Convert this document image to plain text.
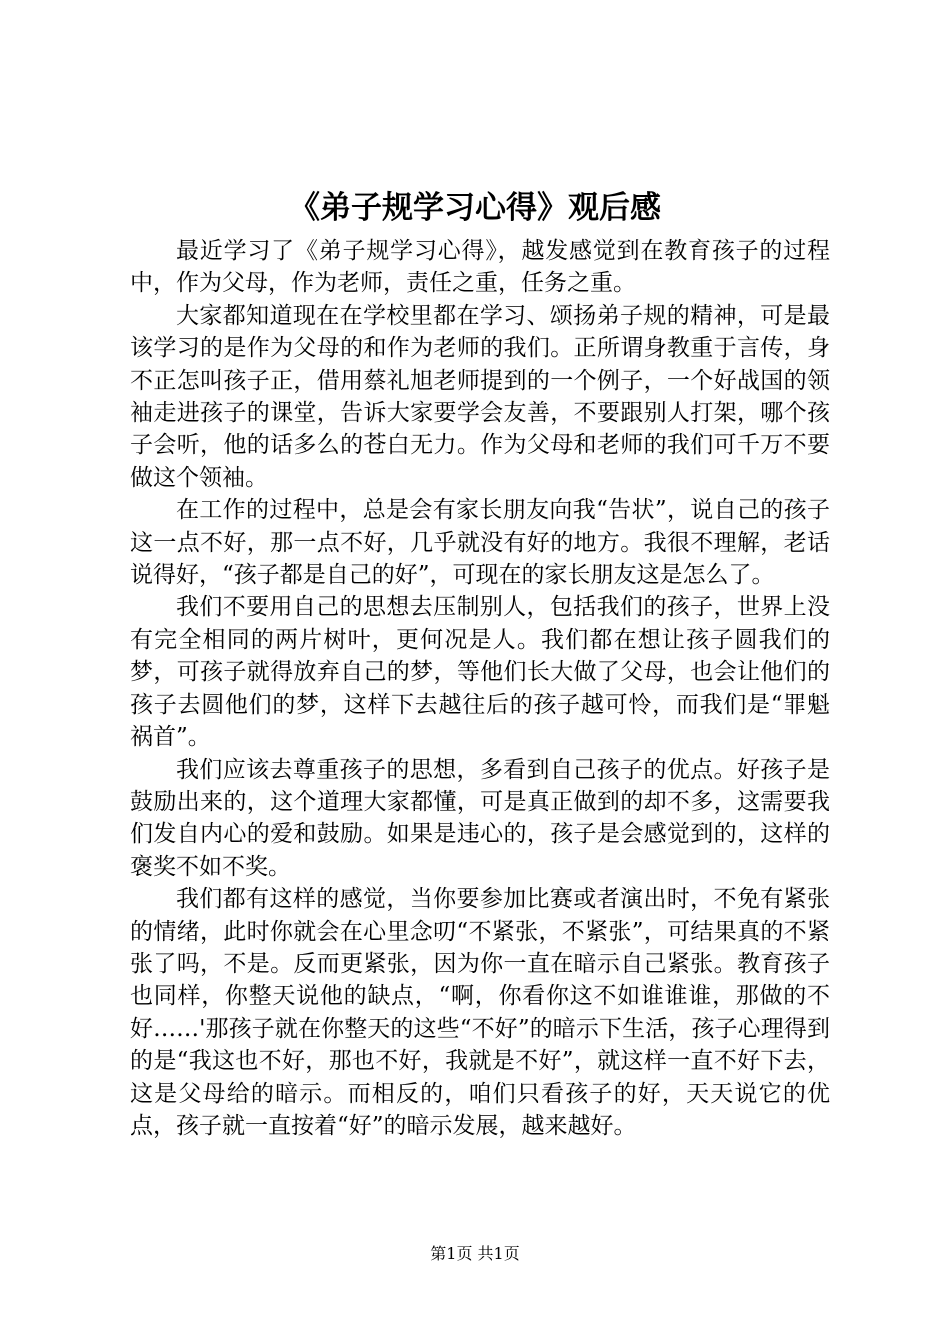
《弟子规学习心得》观后感

最近学习了《弟子规学习心得》，越发感觉到在教育孩子的过程中，作为父母，作为老师，责任之重，任务之重。

大家都知道现在在学校里都在学习、颂扬弟子规的精神，可是最该学习的是作为父母的和作为老师的我们。正所谓身教重于言传，身不正怎叫孩子正，借用蔡礼旭老师提到的一个例子，一个好战国的领袖走进孩子的课堂，告诉大家要学会友善，不要跟别人打架，哪个孩子会听，他的话多么的苍白无力。作为父母和老师的我们可千万不要做这个领袖。

在工作的过程中，总是会有家长朋友向我“告状”，说自己的孩子这一点不好，那一点不好，几乎就没有好的地方。我很不理解，老话说得好，“孩子都是自己的好”，可现在的家长朋友这是怎么了。

我们不要用自己的思想去压制别人，包括我们的孩子，世界上没有完全相同的两片树叶，更何况是人。我们都在想让孩子圆我们的梦，可孩子就得放弃自己的梦，等他们长大做了父母，也会让他们的孩子去圆他们的梦，这样下去越往后的孩子越可怜，而我们是“罪魁祸首”。

我们应该去尊重孩子的思想，多看到自己孩子的优点。好孩子是鼓励出来的，这个道理大家都懂，可是真正做到的却不多，这需要我们发自内心的爱和鼓励。如果是违心的，孩子是会感觉到的，这样的褒奖不如不奖。

我们都有这样的感觉，当你要参加比赛或者演出时，不免有紧张的情绪，此时你就会在心里念叨“不紧张，不紧张”，可结果真的不紧张了吗，不是。反而更紧张，因为你一直在暗示自己紧张。教育孩子也同样，你整天说他的缺点，“啊，你看你这不如谁谁谁，那做的不好……'那孩子就在你整天的这些“不好”的暗示下生活，孩子心理得到的是“我这也不好，那也不好，我就是不好”，就这样一直不好下去，这是父母给的暗示。而相反的，咱们只看孩子的好，天天说它的优点，孩子就一直按着“好”的暗示发展，越来越好。

第1页 共1页
